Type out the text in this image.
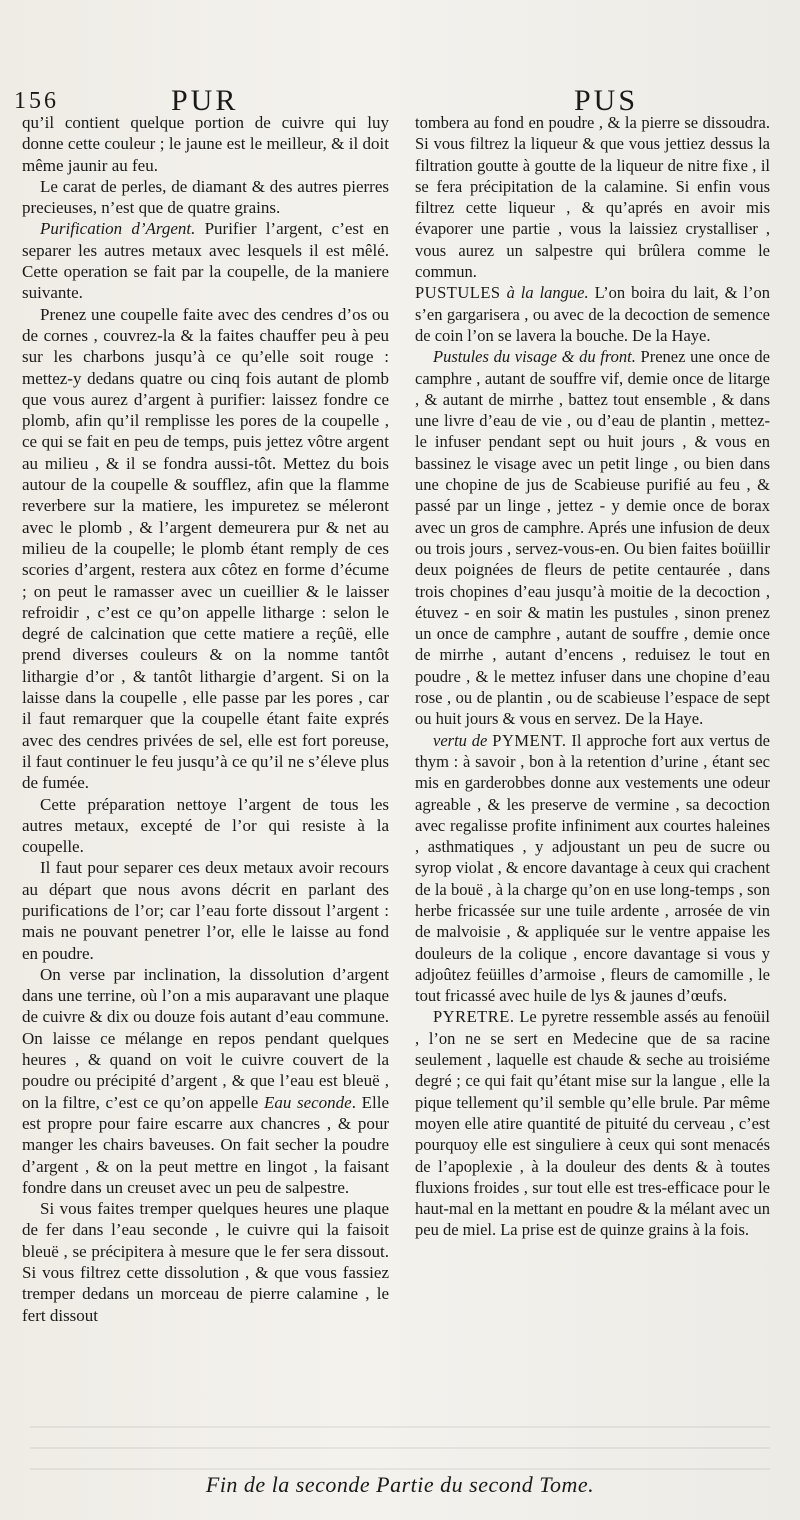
156	PUR	PUS

qu’il contient quelque portion de cuivre qui luy donne cette couleur ; le jaune est le meilleur, & il doit même jaunir au feu.

Le carat de perles, de diamant & des autres pierres precieuses, n’est que de quatre grains.

Purification d’Argent. Purifier l’argent, c’est en separer les autres metaux avec lesquels il est mêlé. Cette operation se fait par la coupelle, de la maniere suivante.

Prenez une coupelle faite avec des cendres d’os ou de cornes , couvrez-la & la faites chauffer peu à peu sur les charbons jusqu’à ce qu’elle soit rouge : mettez-y dedans quatre ou cinq fois autant de plomb que vous aurez d’argent à purifier: laissez fondre ce plomb, afin qu’il remplisse les pores de la coupelle , ce qui se fait en peu de temps, puis jettez vôtre argent au milieu , & il se fondra aussi-tôt. Mettez du bois autour de la coupelle & soufflez, afin que la flamme reverbere sur la matiere, les impuretez se méleront avec le plomb , & l’argent demeurera pur & net au milieu de la coupelle; le plomb étant remply de ces scories d’argent, restera aux côtez en forme d’écume ; on peut le ramasser avec un cueillier & le laisser refroidir , c’est ce qu’on appelle litharge : selon le degré de calcination que cette matiere a reçûë, elle prend diverses couleurs & on la nomme tantôt lithargie d’or , & tantôt lithargie d’argent. Si on la laisse dans la coupelle , elle passe par les pores , car il faut remarquer que la coupelle étant faite exprés avec des cendres privées de sel, elle est fort poreuse, il faut continuer le feu jusqu’à ce qu’il ne s’éleve plus de fumée.

Cette préparation nettoye l’argent de tous les autres metaux, excepté de l’or qui resiste à la coupelle.

Il faut pour separer ces deux metaux avoir recours au départ que nous avons décrit en parlant des purifications de l’or; car l’eau forte dissout l’argent : mais ne pouvant penetrer l’or, elle le laisse au fond en poudre.

On verse par inclination, la dissolution d’argent dans une terrine, où l’on a mis auparavant une plaque de cuivre & dix ou douze fois autant d’eau commune. On laisse ce mélange en repos pendant quelques heures , & quand on voit le cuivre couvert de la poudre ou précipité d’argent , & que l’eau est bleuë , on la filtre, c’est ce qu’on appelle Eau seconde. Elle est propre pour faire escarre aux chancres , & pour manger les chairs baveuses. On fait secher la poudre d’argent , & on la peut mettre en lingot , la faisant fondre dans un creuset avec un peu de salpestre.

Si vous faites tremper quelques heures une plaque de fer dans l’eau seconde , le cuivre qui la faisoit bleuë , se précipitera à mesure que le fer sera dissout. Si vous filtrez cette dissolution , & que vous fassiez tremper dedans un morceau de pierre calamine , le fert dissout

tombera au fond en poudre , & la pierre se dissoudra. Si vous filtrez la liqueur & que vous jettiez dessus la filtration goutte à goutte de la liqueur de nitre fixe , il se fera précipitation de la calamine. Si enfin vous filtrez cette liqueur , & qu’aprés en avoir mis évaporer une partie , vous la laissiez crystalliser , vous aurez un salpestre qui brûlera comme le commun.

PUSTULES à la langue. L’on boira du lait, & l’on s’en gargarisera , ou avec de la decoction de semence de coin l’on se lavera la bouche. De la Haye.

Pustules du visage & du front. Prenez une once de camphre , autant de souffre vif, demie once de litarge , & autant de mirrhe , battez tout ensemble , & dans une livre d’eau de vie , ou d’eau de plantin , mettez-le infuser pendant sept ou huit jours , & vous en bassinez le visage avec un petit linge , ou bien dans une chopine de jus de Scabieuse purifié au feu , & passé par un linge , jettez - y demie once de borax avec un gros de camphre. Aprés une infusion de deux ou trois jours , servez-vous-en. Ou bien faites boüillir deux poignées de fleurs de petite centaurée , dans trois chopines d’eau jusqu’à moitie de la decoction , étuvez - en soir & matin les pustules , sinon prenez un once de camphre , autant de souffre , demie once de mirrhe , autant d’encens , reduisez le tout en poudre , & le mettez infuser dans une chopine d’eau rose , ou de plantin , ou de scabieuse l’espace de sept ou huit jours & vous en servez. De la Haye.

vertu de PYMENT. Il approche fort aux vertus de thym : à savoir , bon à la retention d’urine , étant sec mis en garderobbes donne aux vestements une odeur agreable , & les preserve de vermine , sa decoction avec regalisse profite infiniment aux courtes haleines , asthmatiques , y adjoustant un peu de sucre ou syrop violat , & encore davantage à ceux qui crachent de la bouë , à la charge qu’on en use long-temps , son herbe fricassée sur une tuile ardente , arrosée de vin de malvoisie , & appliquée sur le ventre appaise les douleurs de la colique , encore davantage si vous y adjoûtez feüilles d’armoise , fleurs de camomille , le tout fricassé avec huile de lys & jaunes d’œufs.

PYRETRE. Le pyretre ressemble assés au fenoüil , l’on ne se sert en Medecine que de sa racine seulement , laquelle est chaude & seche au troisiéme degré ; ce qui fait qu’étant mise sur la langue , elle la pique tellement qu’il semble qu’elle brule. Par même moyen elle atire quantité de pituité du cerveau , c’est pourquoy elle est singuliere à ceux qui sont menacés de l’apoplexie , à la douleur des dents & à toutes fluxions froides , sur tout elle est tres-efficace pour le haut-mal en la mettant en poudre & la mélant avec un peu de miel. La prise est de quinze grains à la fois.

Fin de la seconde Partie du second Tome.
